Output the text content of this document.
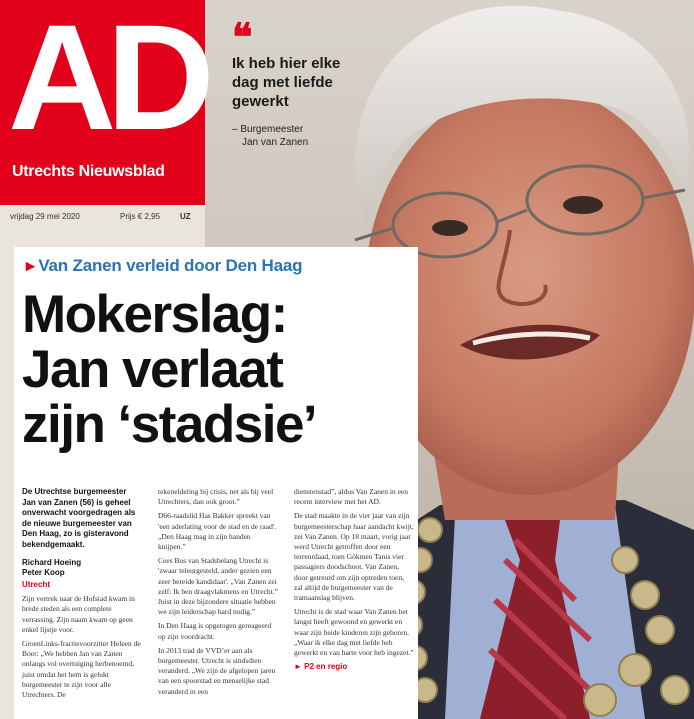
AD
Utrechts Nieuwsblad
vrijdag 29 mei 2020	Prijs € 2,95 UZ
❝
Ik heb hier elke dag met liefde gewerkt
– Burgemeester
Jan van Zanen
▸ Van Zanen verleid door Den Haag
Mokerslag:
Jan verlaat
zijn ‘stadsie’
De Utrechtse burgemeester Jan van Zanen (56) is geheel onverwacht voorgedragen als de nieuwe burgemeester van Den Haag, zo is gisteravond bekendgemaakt.
Richard Hoeing
Peter Koop
Utrecht

Zijn vertrek naar de Hofstad kwam in brede steden als een complete verrassing. Zijn naam kwam op geen enkel lijstje voor.

GroenLinks-fractievoorzitter Heleen de Boer: „We hebben Jan van Zanen onlangs vol overtuiging herbenoemd, juist omdat het hem is gelukt burgemeester te zijn voor alle Utrechters. De

tekeneldeling bij crisis, net als bij veel Utrechters, dan ook groot.”

D66-raadslid Has Bakker spreekt van 'een aderlating voor de stad en de raad'. „Den Haag mag in zijn handen knijpen.”

Cees Bos van Stadsbelang Utrecht is 'zwaar teleurgesteld, ander gezien een zeer bereide kandidaat'. „Van Zanen zei zelf: Ik ben draagvlakmens en Utrecht.” Juist in deze bijzondere situatie hebben we zijn leiderschap hard nodig.”

In Den Haag is opgetogen gereageerd op zijn voordracht.

In 2013 trad de VVD’er aan als burgemeester. Utrecht is sindsdien veranderd. „We zijn de afgelopen jaren van een spoorstad en menselijke stad veranderd in een

dienstenstad”, aldus Van Zanen in een recent interview met het AD.

De stad maakte in de vier jaar van zijn burgemeesterschap haar aandacht kwijt, zei Van Zanen. Op 18 maart, vorig jaar werd Utrecht getroffen door een terreurdaad, toen Gökmen Tanis vier passagiers doodschoot. Van Zanen, door getreurd om zijn optreden toen, zal altijd de burgemeester van de tramaanslag blijven.

Utrecht is de stad waar Van Zanen het langst heeft gewoond en gewerkt en waar zijn beide kinderen zijn geboren. „Waar ik elke dag met liefde heb gewerkt en van harte voor heb ingezet.”

► P2 en regio
